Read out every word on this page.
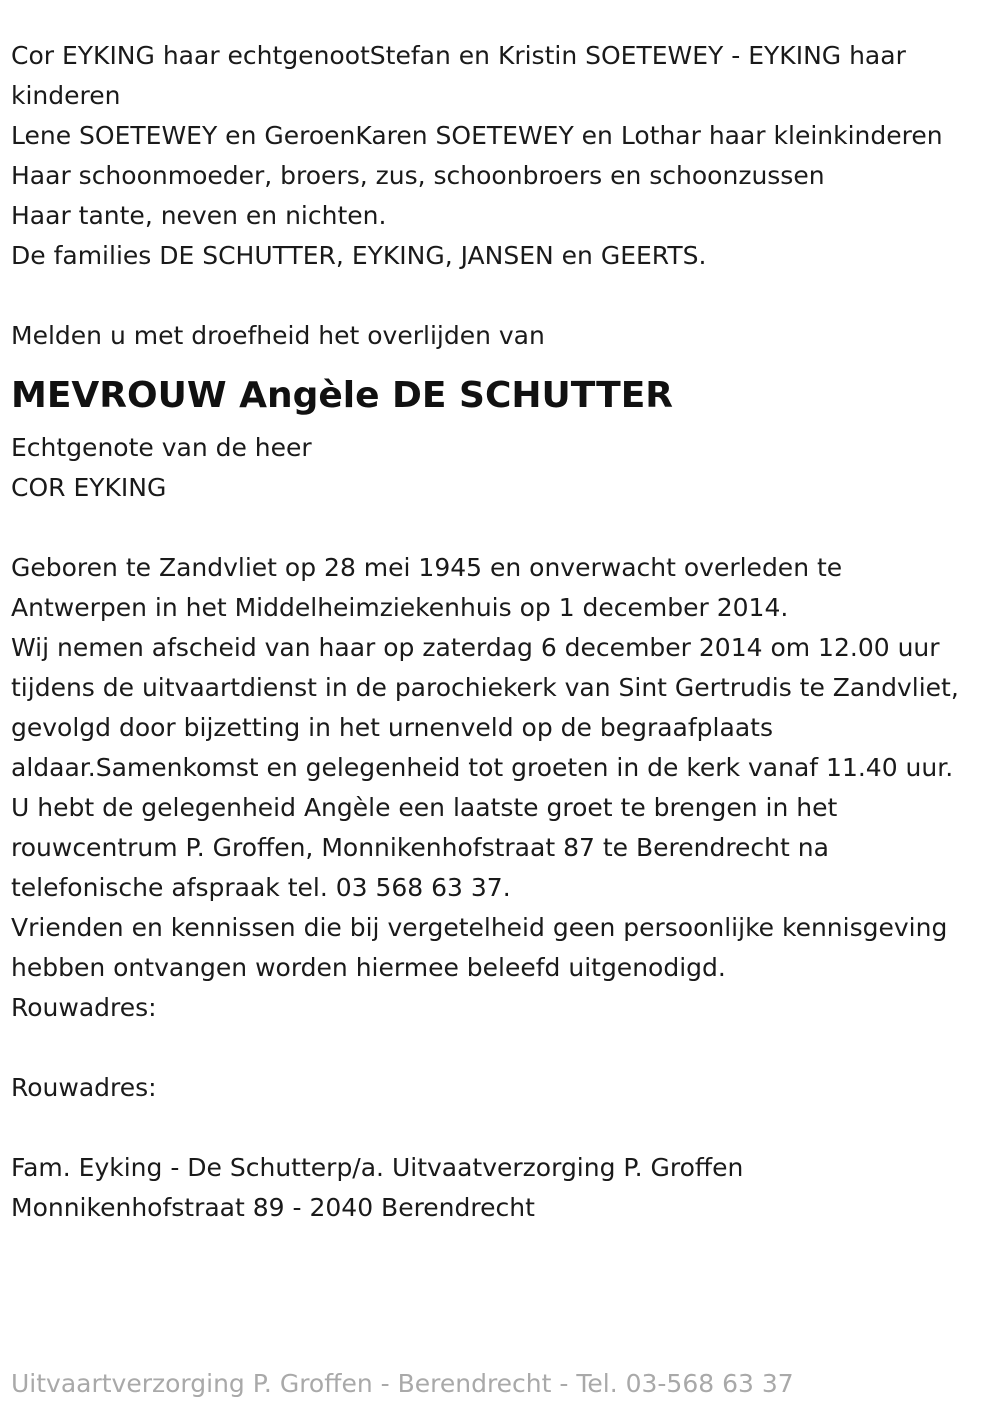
Cor EYKING haar echtgenootStefan en Kristin SOETEWEY - EYKING haar kinderen

Lene SOETEWEY en GeroenKaren SOETEWEY en Lothar haar kleinkinderen

Haar schoonmoeder, broers, zus, schoonbroers en schoonzussen

Haar tante, neven en nichten.

De families DE SCHUTTER, EYKING, JANSEN en GEERTS.

Melden u met droefheid het overlijden van

MEVROUW Angèle DE SCHUTTER

Echtgenote van de heer

COR EYKING

Geboren te Zandvliet op 28 mei 1945 en onverwacht overleden te Antwerpen in het Middelheimziekenhuis op 1 december 2014.

Wij nemen afscheid van haar op zaterdag 6 december 2014 om 12.00 uur tijdens de uitvaartdienst in de parochiekerk van Sint Gertrudis te Zandvliet, gevolgd door bijzetting in het urnenveld op de begraafplaats aldaar.Samenkomst en gelegenheid tot groeten in de kerk vanaf 11.40 uur.

U hebt de gelegenheid Angèle een laatste groet te brengen in het rouwcentrum P. Groffen, Monnikenhofstraat 87 te Berendrecht na telefonische afspraak tel. 03 568 63 37.

Vrienden en kennissen die bij vergetelheid geen persoonlijke kennisgeving hebben ontvangen worden hiermee beleefd uitgenodigd.

Rouwadres:

Rouwadres:

Fam. Eyking - De Schutterp/a. Uitvaatverzorging P. Groffen

Monnikenhofstraat 89 - 2040 Berendrecht

Uitvaartverzorging P. Groffen - Berendrecht - Tel. 03-568 63 37
